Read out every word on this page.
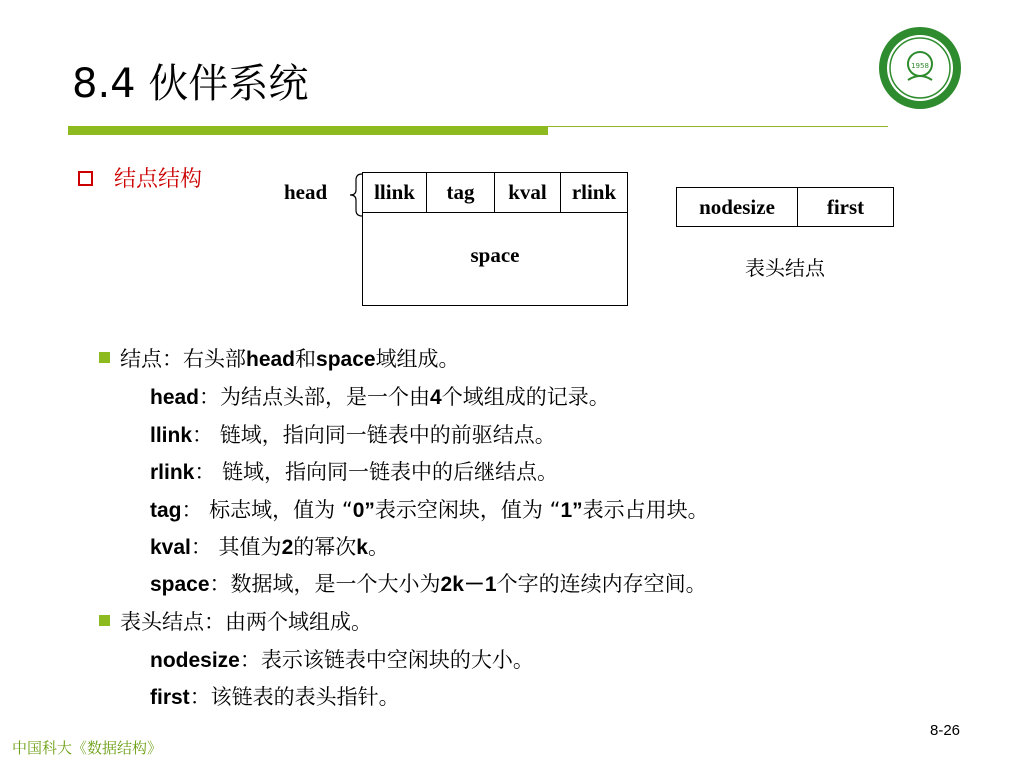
8.4 伙伴系统	1958
结点结构	head	llink	tag	kval	rlink
space
nodesize	first
表头结点
结点：右头部head和space域组成。
head：为结点头部，是一个由4个域组成的记录。
llink： 链域，指向同一链表中的前驱结点。
rlink： 链域，指向同一链表中的后继结点。
tag： 标志域，值为 “0”表示空闲块，值为 “1”表示占用块。
kval： 其值为2的幂次k。
space：数据域，是一个大小为2k－1个字的连续内存空间。
表头结点：由两个域组成。
nodesize：表示该链表中空闲块的大小。
first：该链表的表头指针。
中国科大《数据结构》
8-26
